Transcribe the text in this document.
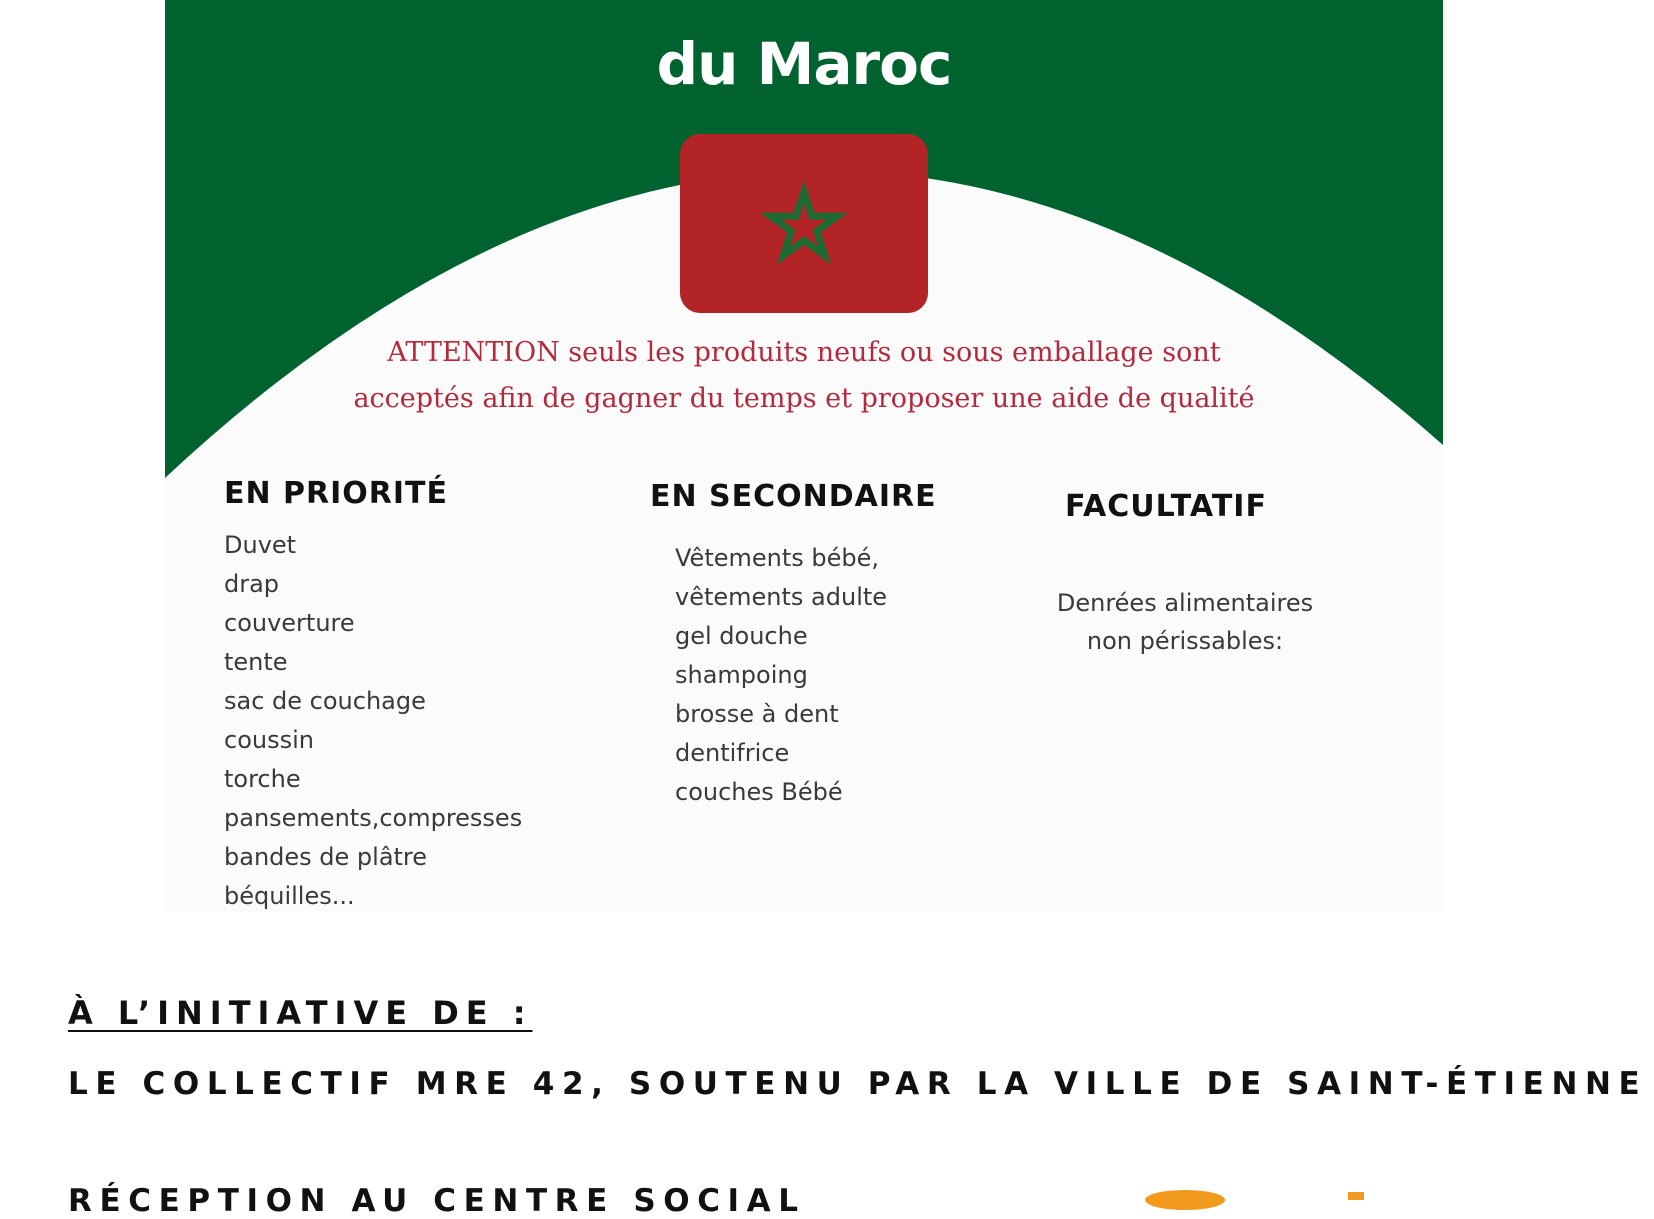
du Maroc
ATTENTION seuls les produits neufs ou sous emballage sont
acceptés afin de gagner du temps et proposer une aide de qualité
EN PRIORITÉ
Duvet
drap
couverture
tente
sac de couchage
coussin
torche
pansements,compresses
bandes de plâtre
béquilles...
EN SECONDAIRE
Vêtements bébé,
vêtements adulte
gel douche
shampoing
brosse à dent
dentifrice
couches Bébé
FACULTATIF
Denrées alimentaires
non périssables:
À L’INITIATIVE DE :
LE COLLECTIF MRE 42, SOUTENU PAR LA VILLE DE SAINT-ÉTIENNE
RÉCEPTION AU CENTRE SOCIAL
